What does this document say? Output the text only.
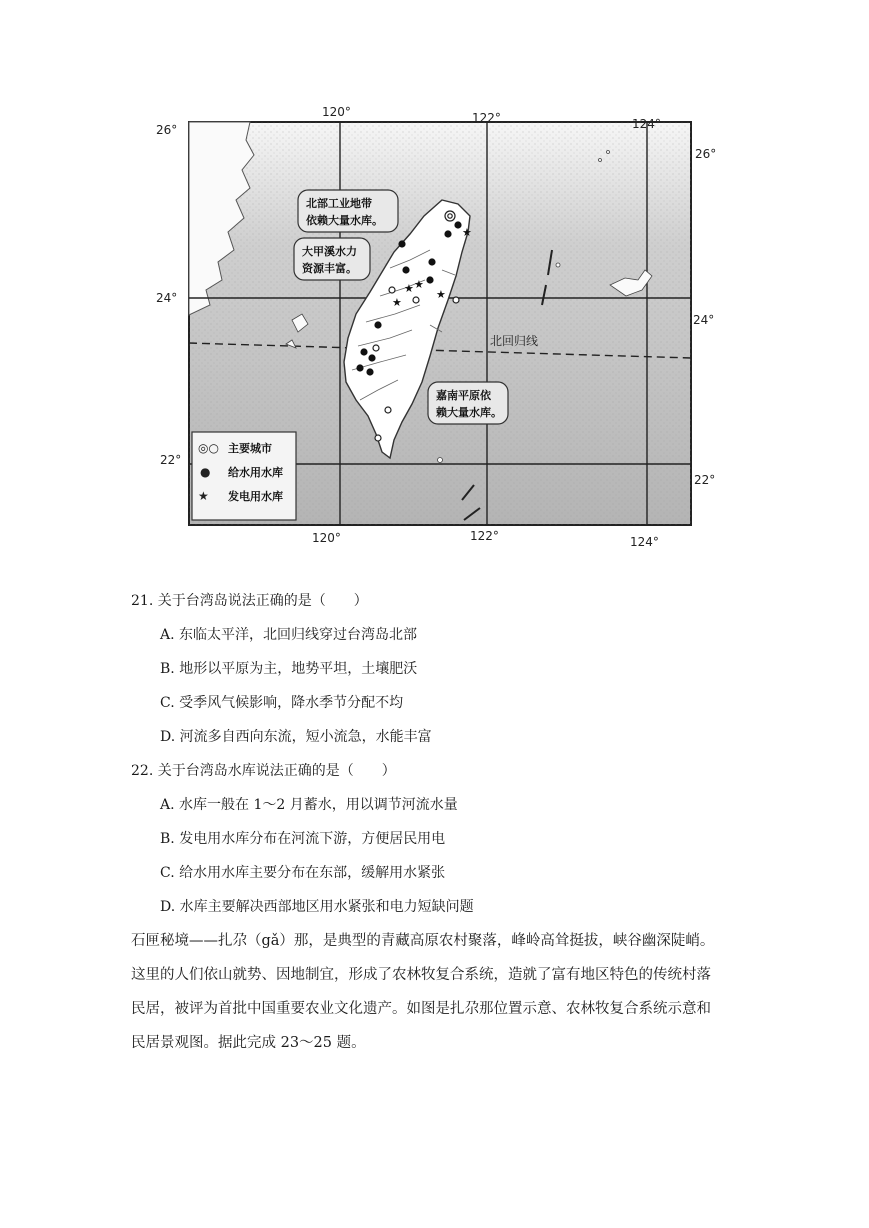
★ ★
★
★
★
北部工业地带
依赖大量水库。
大甲溪水力
资源丰富。
嘉南平原依
赖大量水库。
北回归线
◎○ 主要城市
● 给水用水库
★ 发电用水库
120°	122°	124°
120°	122°	124°
26°
24°
22°
26°
24°
22°
21. 关于台湾岛说法正确的是（　　）
A. 东临太平洋，北回归线穿过台湾岛北部
B. 地形以平原为主，地势平坦，土壤肥沃
C. 受季风气候影响，降水季节分配不均
D. 河流多自西向东流，短小流急，水能丰富
22. 关于台湾岛水库说法正确的是（　　）
A. 水库一般在 1～2 月蓄水，用以调节河流水量
B. 发电用水库分布在河流下游，方便居民用电
C. 给水用水库主要分布在东部，缓解用水紧张
D. 水库主要解决西部地区用水紧张和电力短缺问题
石匣秘境——扎尕（gǎ）那，是典型的青藏高原农村聚落，峰岭高耸挺拔，峡谷幽深陡峭。
这里的人们依山就势、因地制宜，形成了农林牧复合系统，造就了富有地区特色的传统村落
民居，被评为首批中国重要农业文化遗产。如图是扎尕那位置示意、农林牧复合系统示意和
民居景观图。据此完成 23～25 题。
